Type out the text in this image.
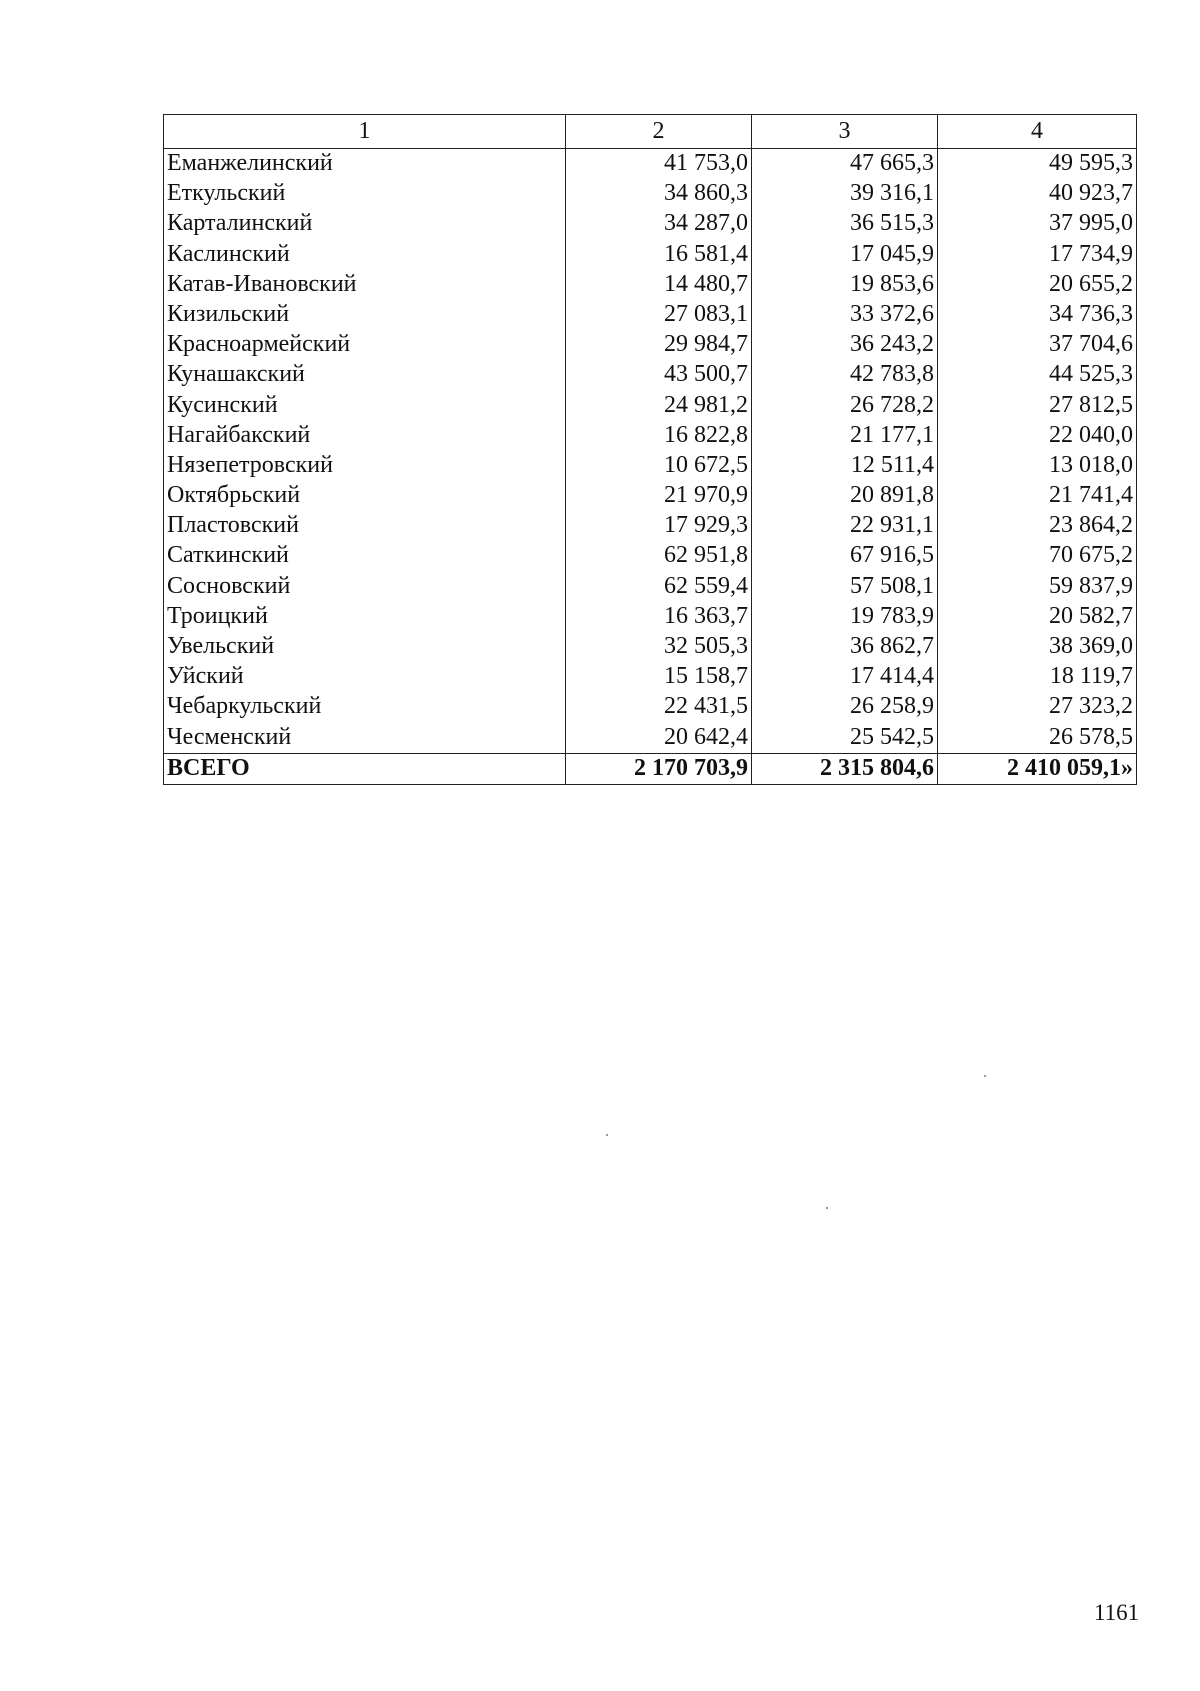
1	2	3	4
Еманжелинский	41 753,0	47 665,3	49 595,3
Еткульский	34 860,3	39 316,1	40 923,7
Карталинский	34 287,0	36 515,3	37 995,0
Каслинский	16 581,4	17 045,9	17 734,9
Катав-Ивановский	14 480,7	19 853,6	20 655,2
Кизильский	27 083,1	33 372,6	34 736,3
Красноармейский	29 984,7	36 243,2	37 704,6
Кунашакский	43 500,7	42 783,8	44 525,3
Кусинский	24 981,2	26 728,2	27 812,5
Нагайбакский	16 822,8	21 177,1	22 040,0
Нязепетровский	10 672,5	12 511,4	13 018,0
Октябрьский	21 970,9	20 891,8	21 741,4
Пластовский	17 929,3	22 931,1	23 864,2
Саткинский	62 951,8	67 916,5	70 675,2
Сосновский	62 559,4	57 508,1	59 837,9
Троицкий	16 363,7	19 783,9	20 582,7
Увельский	32 505,3	36 862,7	38 369,0
Уйский	15 158,7	17 414,4	18 119,7
Чебаркульский	22 431,5	26 258,9	27 323,2
Чесменский	20 642,4	25 542,5	26 578,5
ВСЕГО	2 170 703,9	2 315 804,6	2 410 059,1»
1161
